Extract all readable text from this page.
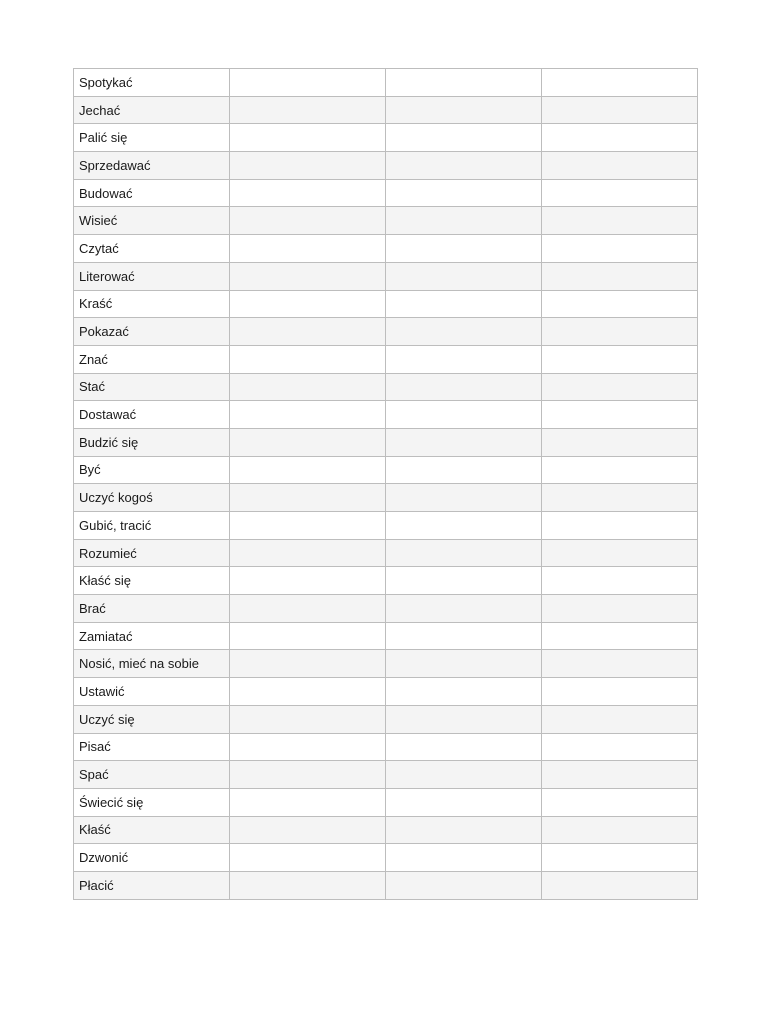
Spotykać			
Jechać			
Palić się			
Sprzedawać			
Budować			
Wisieć			
Czytać			
Literować			
Kraść			
Pokazać			
Znać			
Stać			
Dostawać			
Budzić się			
Być			
Uczyć kogoś			
Gubić, tracić			
Rozumieć			
Kłaść się			
Brać			
Zamiatać			
Nosić, mieć na sobie			
Ustawić			
Uczyć się			
Pisać			
Spać			
Świecić się			
Kłaść			
Dzwonić			
Płacić			
